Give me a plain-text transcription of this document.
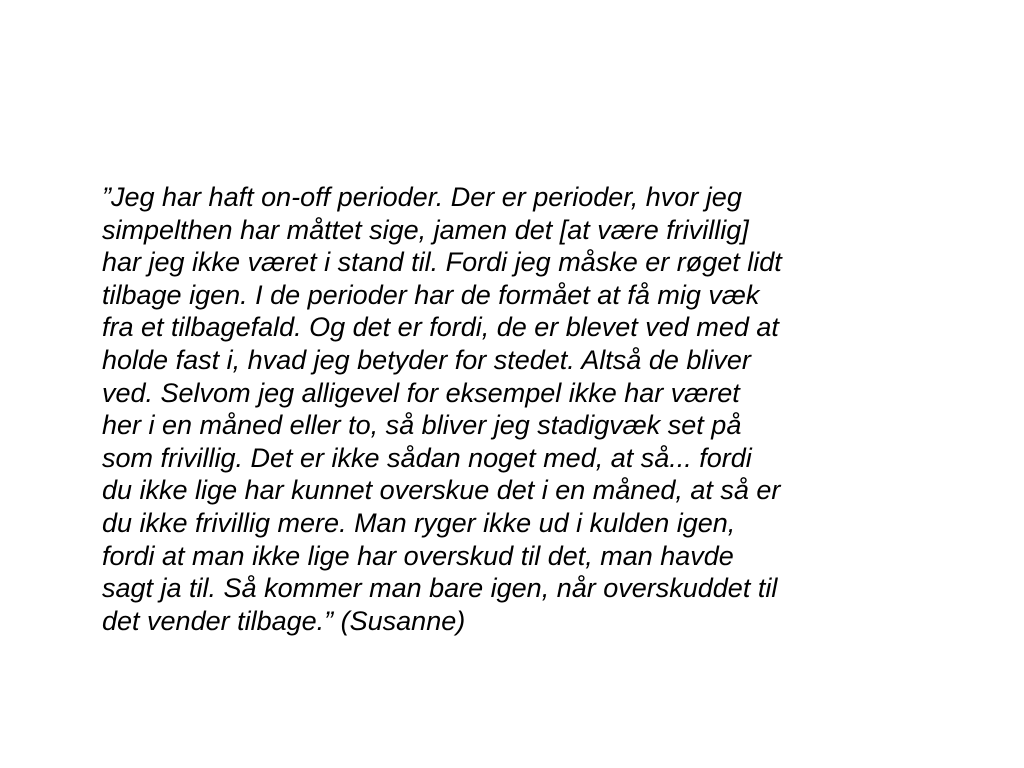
”Jeg har haft on-off perioder. Der er perioder, hvor jeg
simpelthen har måttet sige, jamen det [at være frivillig]
har jeg ikke været i stand til. Fordi jeg måske er røget lidt
tilbage igen. I de perioder har de formået at få mig væk
fra et tilbagefald. Og det er fordi, de er blevet ved med at
holde fast i, hvad jeg betyder for stedet. Altså de bliver
ved. Selvom jeg alligevel for eksempel ikke har været
her i en måned eller to, så bliver jeg stadigvæk set på
som frivillig. Det er ikke sådan noget med, at så... fordi
du ikke lige har kunnet overskue det i en måned, at så er
du ikke frivillig mere. Man ryger ikke ud i kulden igen,
fordi at man ikke lige har overskud til det, man havde
sagt ja til. Så kommer man bare igen, når overskuddet til
det vender tilbage.” (Susanne)
